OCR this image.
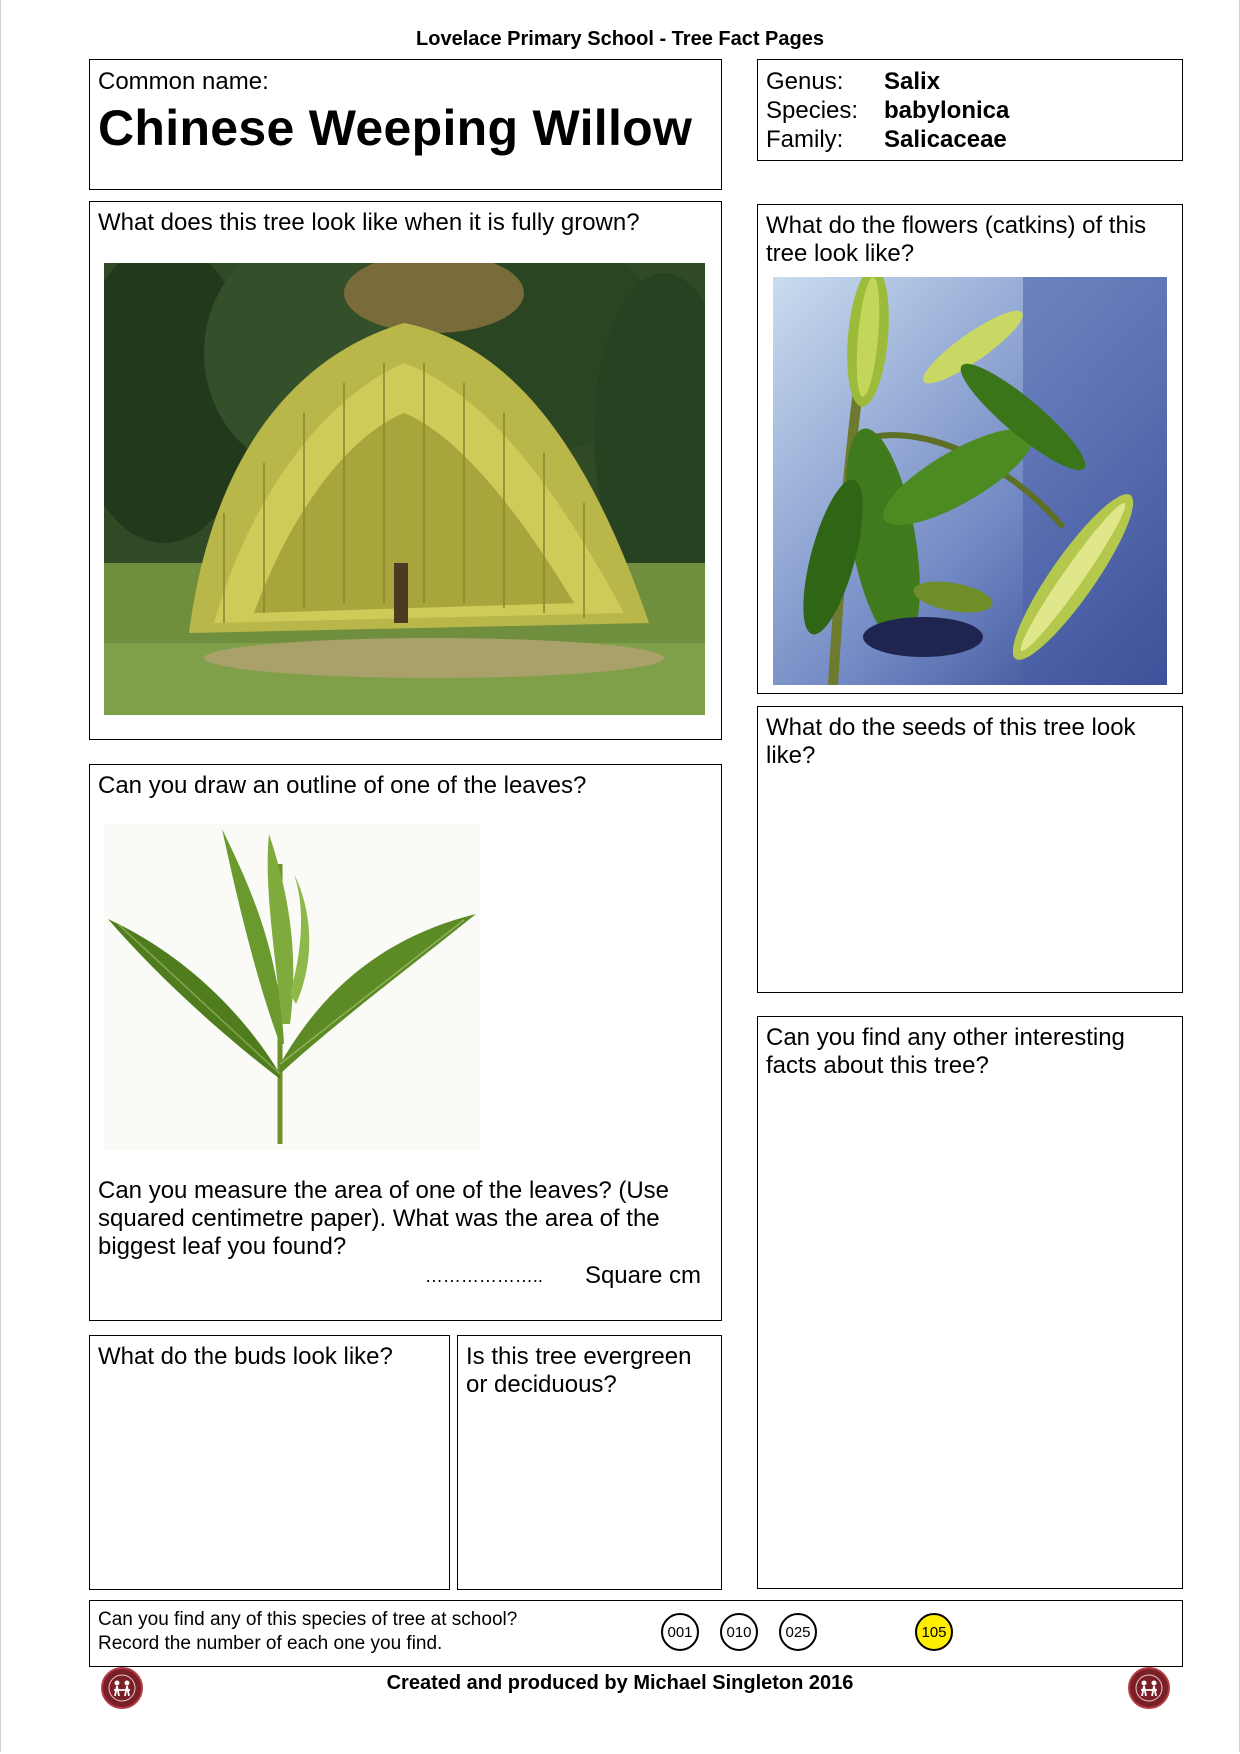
Lovelace Primary School - Tree Fact Pages
Common name:
Chinese Weeping Willow
Genus:	Salix
Species:	babylonica
Family:	Salicaceae

What does this tree look like when it is fully grown?	What do the flowers (catkins) of this tree look like?

What do the seeds of this tree look like?

Can you draw an outline of one of the leaves?

Can you measure the area of one of the leaves? (Use squared centimetre paper). What was the area of the biggest leaf you found?

……………….. Square cm

Can you find any other interesting facts about this tree?

What do the buds look like?	Is this tree evergreen or deciduous?

Can you find any of this species of tree at school?
Record the number of each one you find.
001	010	025	105
Created and produced by Michael Singleton 2016
